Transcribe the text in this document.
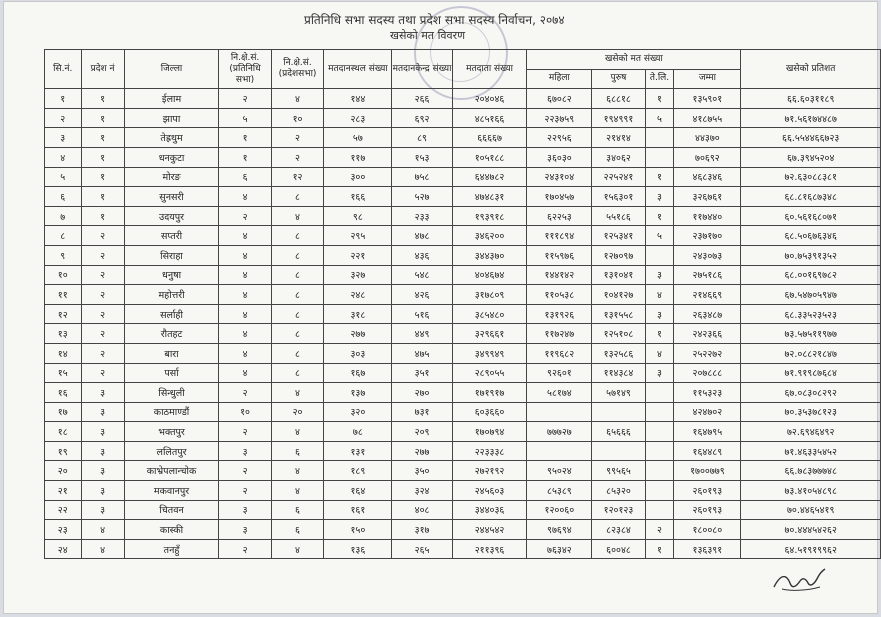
प्रतिनिधि सभा सदस्य तथा प्रदेश सभा सदस्य निर्वाचन, २०७४
खसेको मत विवरण
सि.नं.	प्रदेश नं	जिल्ला	नि.क्षे.सं. (प्रतिनिधि सभा)	नि.क्षे.सं. (प्रदेशसभा)	मतदानस्थल संख्या	मतदानकेन्द्र संख्या	मतदाता संख्या	खसेको मत संख्या				खसेको प्रतिशत
								महिला	पुरुष	ते.लि.	जम्मा	
१	१	ईलाम	२	४	१४४	२६६	२०४०४६	६७०८२	६८८१८	१	१३५९०१	६६.६०३११८९
२	१	झापा	५	१०	२८३	६९२	४८५१६६	२२३७५९	१९४९९१	५	४१८७५५	७१.५६१७४४८७
३	१	तेह्रथुम	१	२	५७	८९	६६६६७	२२९५६	२१४१४		४४३७०	६६.५५४४६६७२३
४	१	धनकुटा	१	२	११७	१५३	१०५१८८	३६०३०	३४०६२		७०६९२	६७.३९४५२०४
५	१	मोरङ	६	१२	३००	७५८	६४४७८२	२४३१०४	२२५२४१	१	४६८३४६	७२.६३०८८३८१
६	१	सुनसरी	४	८	१६६	५२७	४७४८३१	१७०४५७	१५६३०१	३	३२६७६१	६८.८१६८७३४८
७	१	उदयपुर	२	४	९८	२३३	१९३९१८	६२२५३	५५१८६	१	११७४४०	६०.५६१६८०७१
८	२	सप्तरी	४	८	२९५	४७८	३४६२००	१११८९४	१२५३४१	५	२३७१७०	६८.५०६७६३४६
९	२	सिराहा	४	८	२२१	४३६	३४४३७०	११५९७६	१२७०९७		२४३०७३	७०.७५३९१३५२
१०	२	धनुषा	४	८	३२७	५४८	४०४६७४	१४४१४२	१३१०४१	३	२७५१८६	६८.००१६९७८२
११	२	महोत्तरी	४	८	२४८	४२६	३१७८०९	११०५३८	१०४१२७	४	२१४६६९	६७.५४७०५९४७
१२	२	सर्लाही	४	८	३१८	५१६	३८५४८०	१३१९२६	१३१५५८	३	२६३४८७	६८.३३५२३५२३
१३	२	रौतहट	४	८	२७७	४४९	३२९६६१	११७२४७	१२५१०८	१	२४२३६६	७३.५७५११९७७
१४	२	बारा	४	८	३०३	४७५	३४९९४९	११९६८२	१३२५८६	४	२५२२७२	७२.०८८२१८४७
१५	२	पर्सा	४	८	१६७	३५१	२८९०५५	९२६०१	११४३८४	३	२०७८८८	७१.९१९८७६८४
१६	३	सिन्धुली	२	४	१३७	२७०	१७१९१७	५८१७४	५७१४९		११५३२३	६७.०८३०८२९२
१७	३	काठमाण्डौं	१०	२०	३२०	७३१	६०३६६०				४२४७०२	७०.३५३७८१२३
१८	३	भक्तपुर	२	४	७८	२०९	१७०७९४	७७७२७	६५६६६		१६४७९५	७२.६९४६४९२
१९	३	ललितपुर	३	६	१३१	२७७	२२३३३८				१६४४८९	७१.४६३३५४५२
२०	३	काभ्रेपलान्चोक	२	४	१८९	३५०	२७२१९२	९५०२४	९९५६५		१७००७७९	६६.७८३७७७४८
२१	३	मकवानपुर	२	४	१६४	३२४	२४५६०३	८५३८९	८५३२०		२६०१९३	७३.४१०५४८९८
२२	३	चितवन	३	६	१६१	४०८	३४४०३६	१२००६०	१२०१२३		२६०१९३	७०.४४६५४१९
२३	४	कास्की	३	६	१५०	३१७	२४४५४२	९७६९४	८२३८४	२	१८००८०	७०.४४४५४२६२
२४	४	तनहुँ	२	४	१३६	२६५	२११३९६	७६३४२	६००४८	१	१३६३९१	६४.५१९१९९६२
